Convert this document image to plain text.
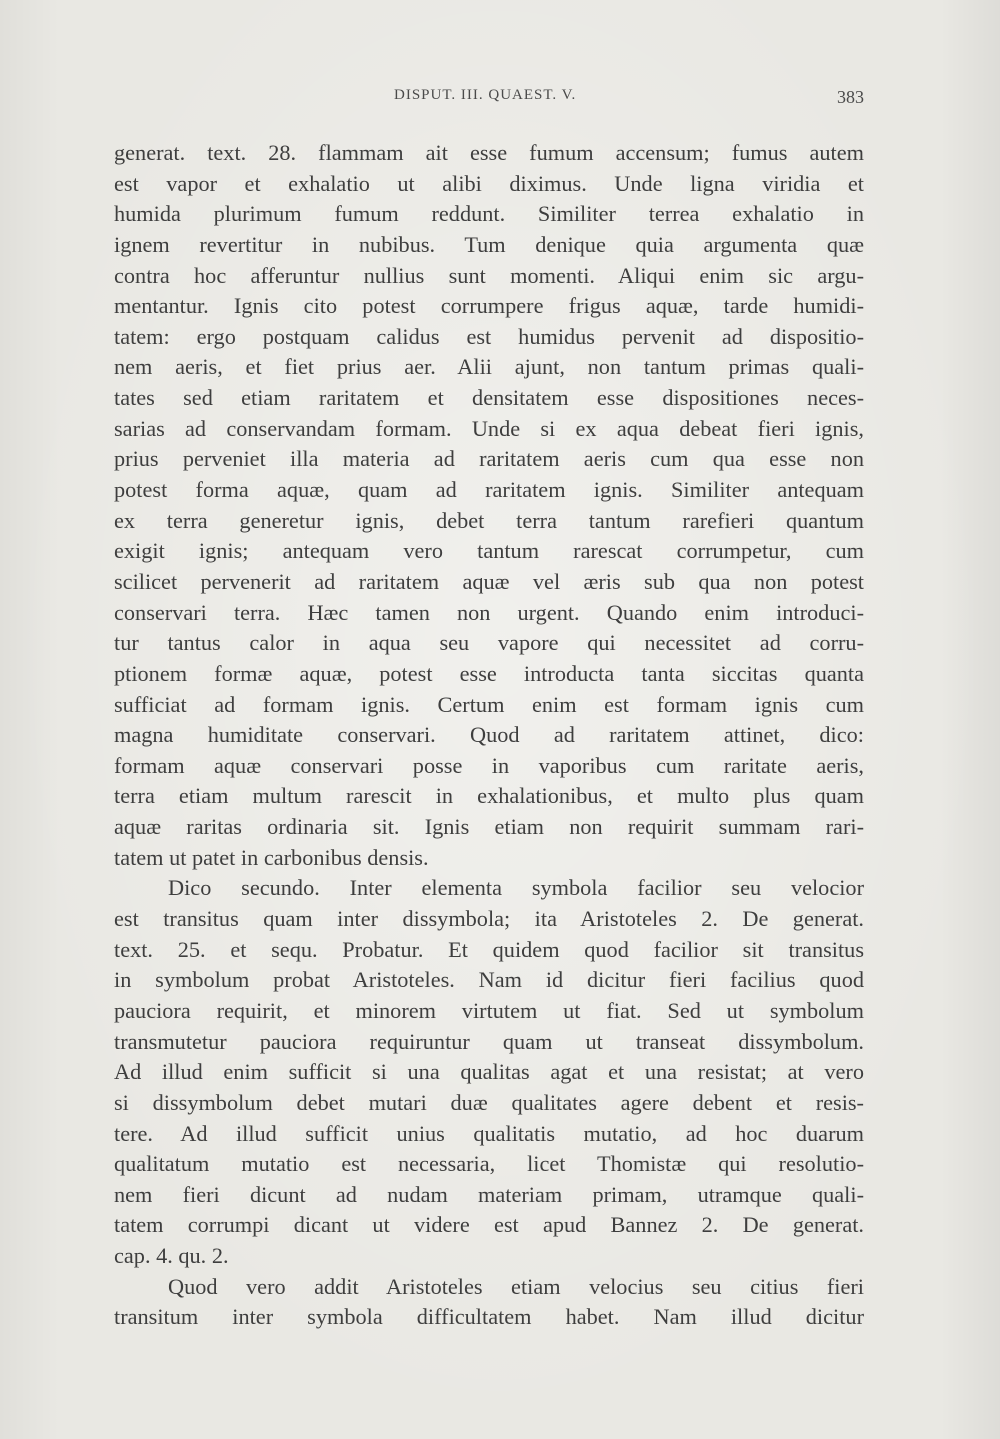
DISPUT. III. QUAEST. V.	383
generat. text. 28. flammam ait esse fumum accensum; fumus autem
est vapor et exhalatio ut alibi diximus. Unde ligna viridia et
humida plurimum fumum reddunt. Similiter terrea exhalatio in
ignem revertitur in nubibus. Tum denique quia argumenta quæ
contra hoc afferuntur nullius sunt momenti. Aliqui enim sic argu-
mentantur. Ignis cito potest corrumpere frigus aquæ, tarde humidi-
tatem: ergo postquam calidus est humidus pervenit ad dispositio-
nem aeris, et fiet prius aer. Alii ajunt, non tantum primas quali-
tates sed etiam raritatem et densitatem esse dispositiones neces-
sarias ad conservandam formam. Unde si ex aqua debeat fieri ignis,
prius perveniet illa materia ad raritatem aeris cum qua esse non
potest forma aquæ, quam ad raritatem ignis. Similiter antequam
ex terra generetur ignis, debet terra tantum rarefieri quantum
exigit ignis; antequam vero tantum rarescat corrumpetur, cum
scilicet pervenerit ad raritatem aquæ vel æris sub qua non potest
conservari terra. Hæc tamen non urgent. Quando enim introduci-
tur tantus calor in aqua seu vapore qui necessitet ad corru-
ptionem formæ aquæ, potest esse introducta tanta siccitas quanta
sufficiat ad formam ignis. Certum enim est formam ignis cum
magna humiditate conservari. Quod ad raritatem attinet, dico:
formam aquæ conservari posse in vaporibus cum raritate aeris,
terra etiam multum rarescit in exhalationibus, et multo plus quam
aquæ raritas ordinaria sit. Ignis etiam non requirit summam rari-
tatem ut patet in carbonibus densis.
Dico secundo. Inter elementa symbola facilior seu velocior
est transitus quam inter dissymbola; ita Aristoteles 2. De generat.
text. 25. et sequ. Probatur. Et quidem quod facilior sit transitus
in symbolum probat Aristoteles. Nam id dicitur fieri facilius quod
pauciora requirit, et minorem virtutem ut fiat. Sed ut symbolum
transmutetur pauciora requiruntur quam ut transeat dissymbolum.
Ad illud enim sufficit si una qualitas agat et una resistat; at vero
si dissymbolum debet mutari duæ qualitates agere debent et resis-
tere. Ad illud sufficit unius qualitatis mutatio, ad hoc duarum
qualitatum mutatio est necessaria, licet Thomistæ qui resolutio-
nem fieri dicunt ad nudam materiam primam, utramque quali-
tatem corrumpi dicant ut videre est apud Bannez 2. De generat.
cap. 4. qu. 2.
Quod vero addit Aristoteles etiam velocius seu citius fieri
transitum inter symbola difficultatem habet. Nam illud dicitur
